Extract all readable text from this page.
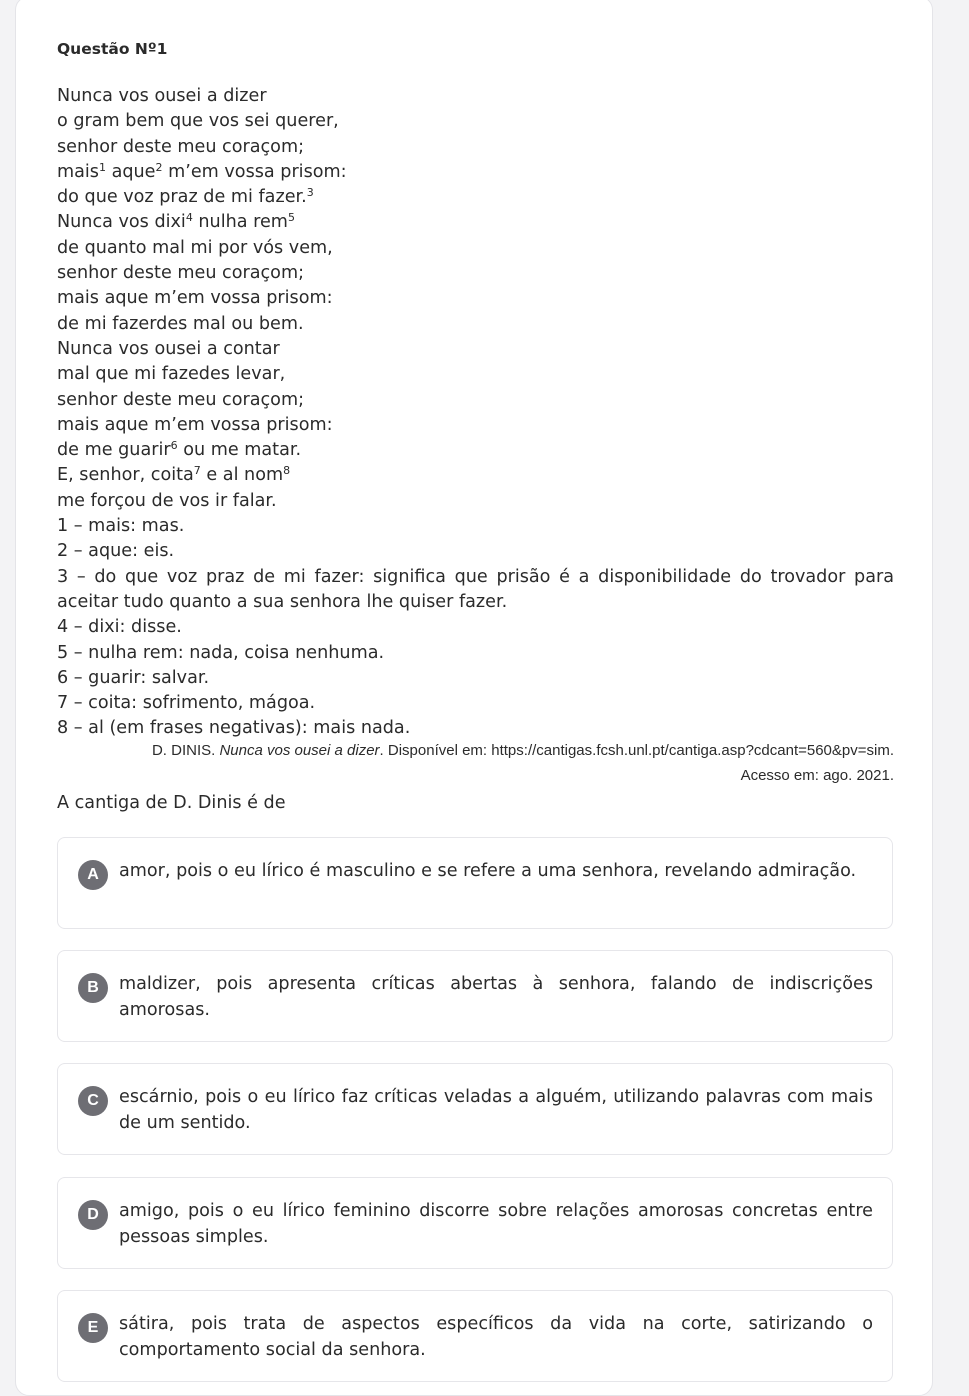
Questão Nº1
Nunca vos ousei a dizer
o gram bem que vos sei querer,
senhor deste meu coraçom;
mais$^1$ aque$^2$ m’em vossa prisom:
do que voz praz de mi fazer.$^3$
Nunca vos dixi$^4$ nulha rem$^5$
de quanto mal mi por vós vem,
senhor deste meu coraçom;
mais aque m’em vossa prisom:
de mi fazerdes mal ou bem.
Nunca vos ousei a contar
mal que mi fazedes levar,
senhor deste meu coraçom;
mais aque m’em vossa prisom:
de me guarir$^6$ ou me matar.
E, senhor, coita$^7$ e al nom$^8$
me forçou de vos ir falar.
1 – mais: mas.
2 – aque: eis.
3 – do que voz praz de mi fazer: significa que prisão é a disponibilidade do trovador para aceitar tudo quanto a sua senhora lhe quiser fazer.
4 – dixi: disse.
5 – nulha rem: nada, coisa nenhuma.
6 – guarir: salvar.
7 – coita: sofrimento, mágoa.
8 – al (em frases negativas): mais nada.
D. DINIS. Nunca vos ousei a dizer. Disponível em: https://cantigas.fcsh.unl.pt/cantiga.asp?cdcant=560&pv=sim.
Acesso em: ago. 2021.
A cantiga de D. Dinis é de
A	amor, pois o eu lírico é masculino e se refere a uma senhora, revelando admiração.
B	maldizer, pois apresenta críticas abertas à senhora, falando de indiscrições amorosas.
C	escárnio, pois o eu lírico faz críticas veladas a alguém, utilizando palavras com mais de um sentido.
D	amigo, pois o eu lírico feminino discorre sobre relações amorosas concretas entre pessoas simples.
E	sátira, pois trata de aspectos específicos da vida na corte, satirizando o comportamento social da senhora.
